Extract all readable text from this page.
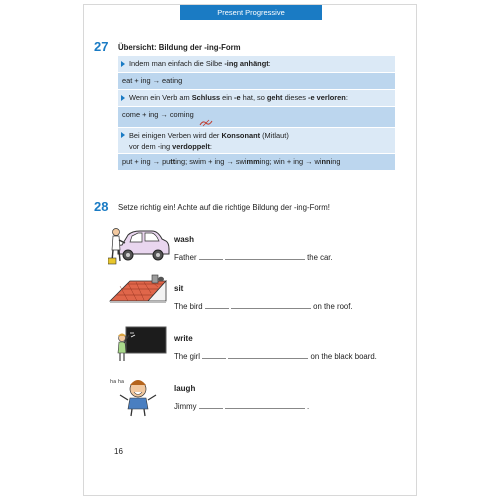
Present Progressive
27 Übersicht: Bildung der -ing-Form
Indem man einfach die Silbe -ing anhängt:
eat + ing → eating
Wenn ein Verb am Schluss ein -e hat, so geht dieses -e verloren:
come + ing → coming
Bei einigen Verben wird der Konsonant (Mitlaut)
vor dem -ing verdoppelt:
put + ing → putting; swim + ing → swimming; win + ing → winning
28 Setze richtig ein! Achte auf die richtige Bildung der -ing-Form!
wash
Father	the car.
sit
The bird	on the roof.
write
The girl	on the black board.
ha ha
laugh
Jimmy	.
16
